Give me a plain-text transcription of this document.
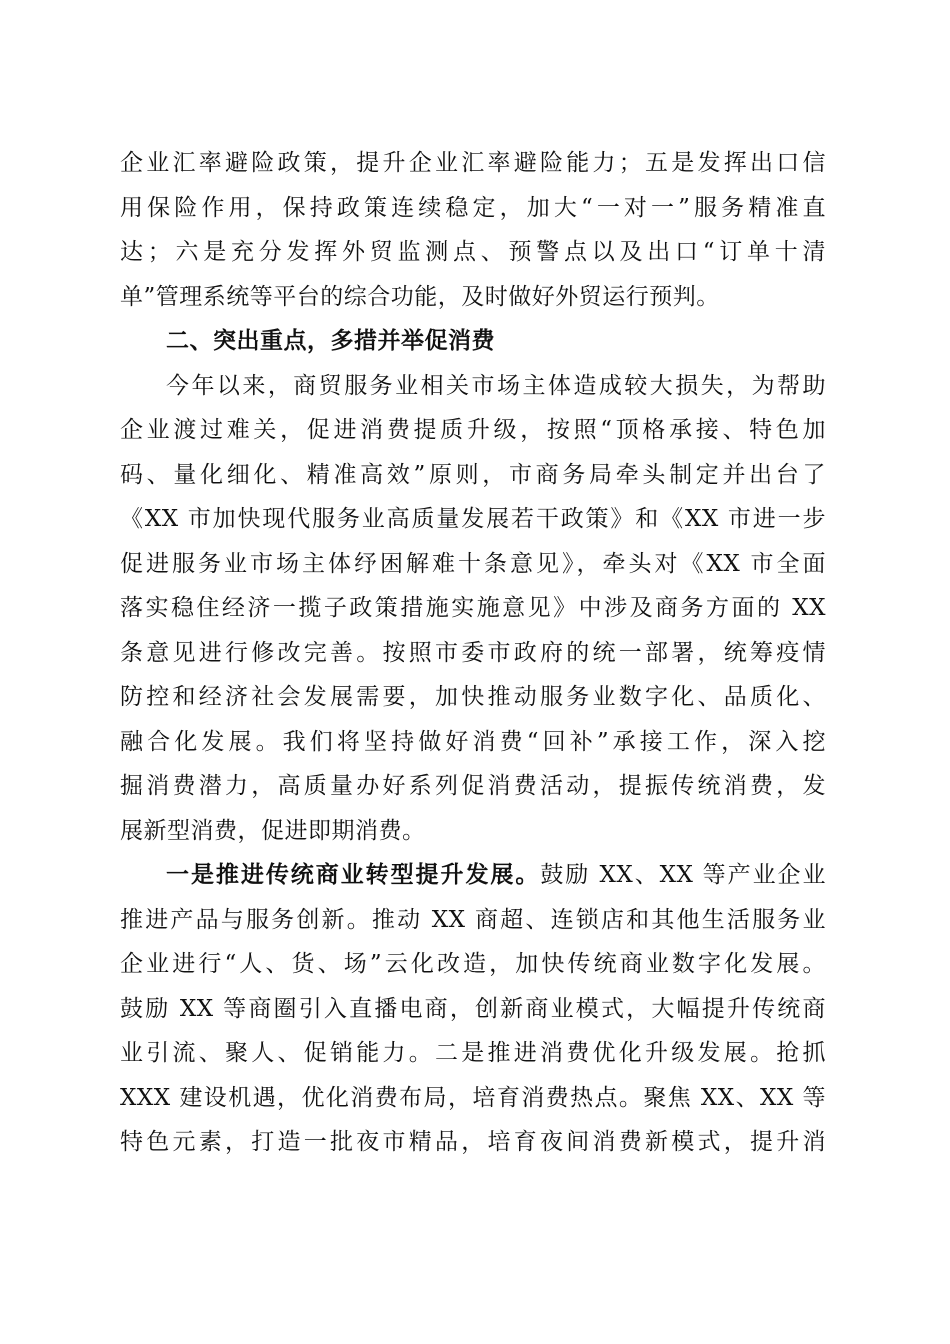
企业汇率避险政策，提升企业汇率避险能力；五是发挥出口信
用保险作用，保持政策连续稳定，加大“一对一”服务精准直
达；六是充分发挥外贸监测点、预警点以及出口“订单十清
单”管理系统等平台的综合功能，及时做好外贸运行预判。
二、突出重点，多措并举促消费
今年以来，商贸服务业相关市场主体造成较大损失，为帮助
企业渡过难关，促进消费提质升级，按照“顶格承接、特色加
码、量化细化、精准高效”原则，市商务局牵头制定并出台了
《XX 市加快现代服务业高质量发展若干政策》和《XX 市进一步
促进服务业市场主体纾困解难十条意见》，牵头对《XX 市全面
落实稳住经济一揽子政策措施实施意见》中涉及商务方面的 XX
条意见进行修改完善。按照市委市政府的统一部署，统筹疫情
防控和经济社会发展需要，加快推动服务业数字化、品质化、
融合化发展。我们将坚持做好消费“回补”承接工作，深入挖
掘消费潜力，高质量办好系列促消费活动，提振传统消费，发
展新型消费，促进即期消费。
一是推进传统商业转型提升发展。鼓励 XX、XX 等产业企业
推进产品与服务创新。推动 XX 商超、连锁店和其他生活服务业
企业进行“人、货、场”云化改造，加快传统商业数字化发展。
鼓励 XX 等商圈引入直播电商，创新商业模式，大幅提升传统商
业引流、聚人、促销能力。二是推进消费优化升级发展。抢抓
XXX 建设机遇，优化消费布局，培育消费热点。聚焦 XX、XX 等
特色元素，打造一批夜市精品，培育夜间消费新模式，提升消
